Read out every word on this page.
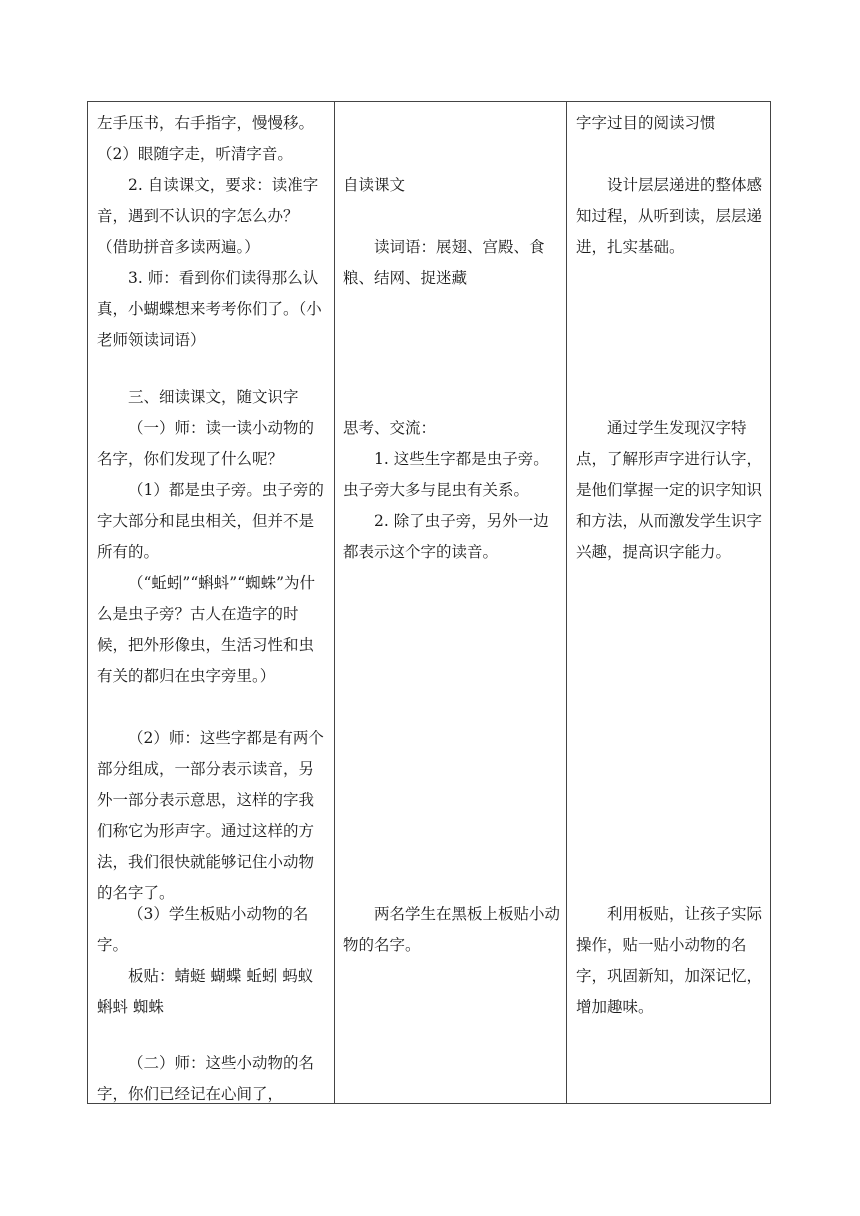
左手压书，右手指字，慢慢移。（2）眼随字走，听清字音。

2. 自读课文，要求：读准字音，遇到不认识的字怎么办？（借助拼音多读两遍。）

3. 师：看到你们读得那么认真，小蝴蝶想来考考你们了。（小老师领读词语）

三、细读课文，随文识字

（一）师：读一读小动物的名字，你们发现了什么呢？

（1）都是虫子旁。虫子旁的字大部分和昆虫相关，但并不是所有的。

（“蚯蚓”“蝌蚪”“蜘蛛”为什么是虫子旁？古人在造字的时候，把外形像虫，生活习性和虫有关的都归在虫字旁里。）

（2）师：这些字都是有两个部分组成，一部分表示读音，另外一部分表示意思，这样的字我们称它为形声字。通过这样的方法，我们很快就能够记住小动物的名字了。

（3）学生板贴小动物的名字。

板贴：蜻蜓 蝴蝶 蚯蚓 蚂蚁 蝌蚪 蜘蛛

（二）师：这些小动物的名字，你们已经记在心间了，

自读课文

读词语：展翅、宫殿、食粮、结网、捉迷藏

思考、交流：

1. 这些生字都是虫子旁。虫子旁大多与昆虫有关系。

2. 除了虫子旁，另外一边都表示这个字的读音。

两名学生在黑板上板贴小动物的名字。

字字过目的阅读习惯

设计层层递进的整体感知过程，从听到读，层层递进，扎实基础。

通过学生发现汉字特点，了解形声字进行认字，是他们掌握一定的识字知识和方法，从而激发学生识字兴趣，提高识字能力。

利用板贴，让孩子实际操作，贴一贴小动物的名字，巩固新知，加深记忆，增加趣味。
